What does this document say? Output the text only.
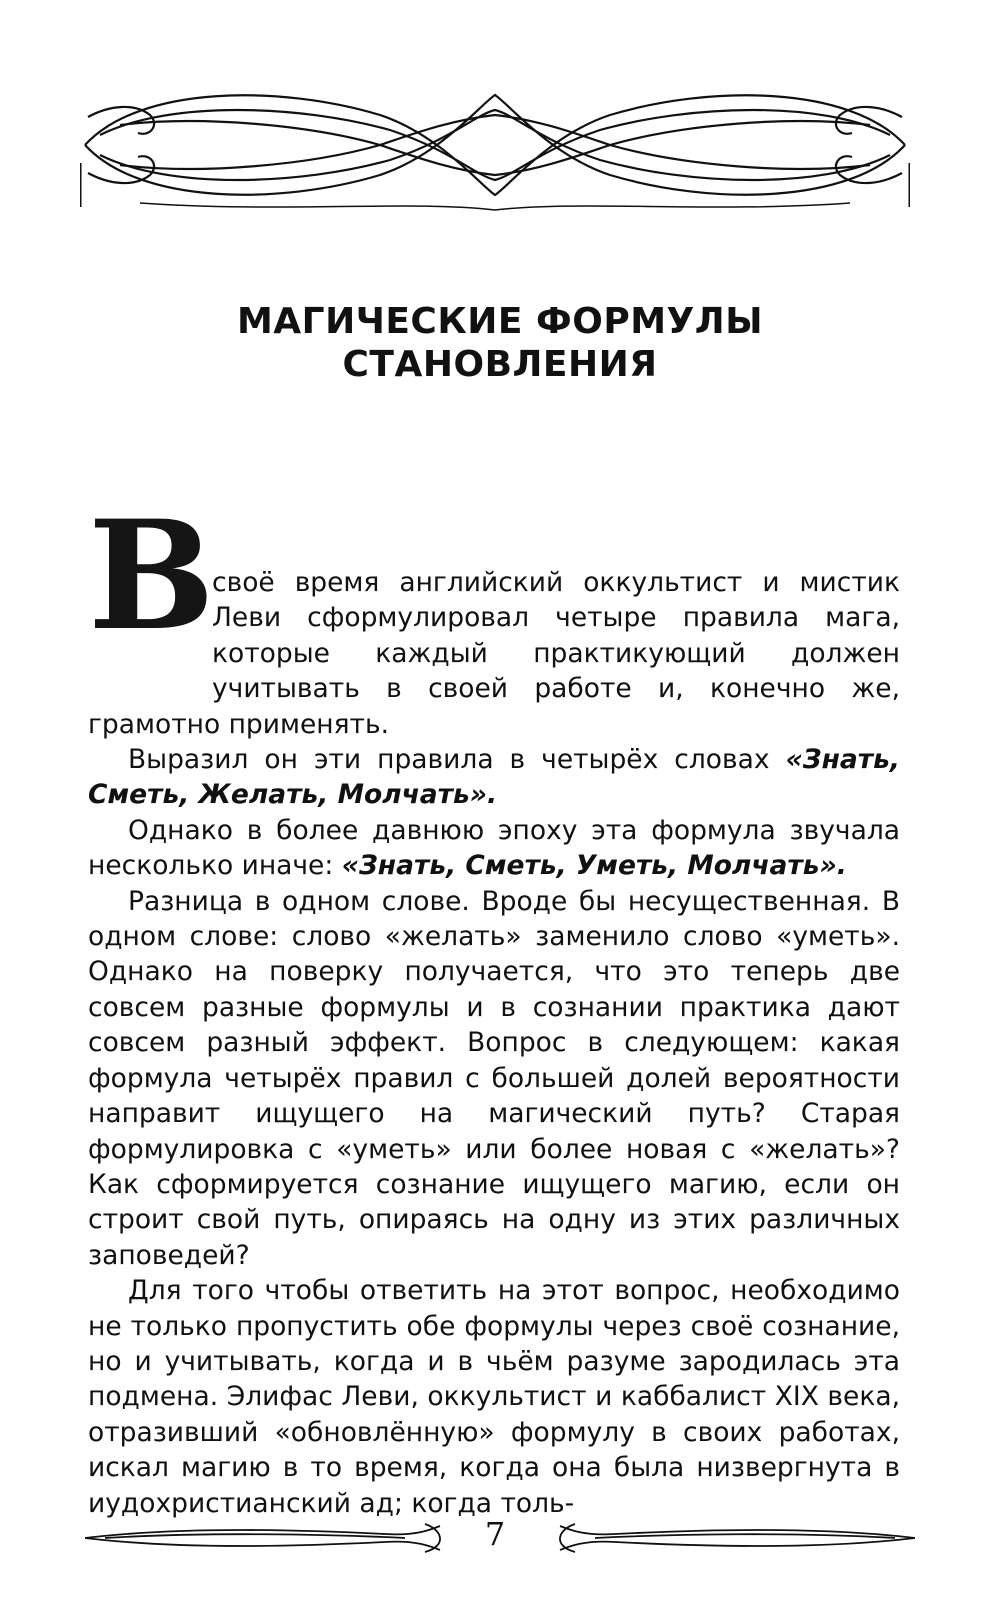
МАГИЧЕСКИЕ ФОРМУЛЫ
СТАНОВЛЕНИЯ
В

своё время английский оккультист и мистик Леви сформулировал четыре правила мага, которые каждый практикующий должен учитывать в своей работе и, конечно же, грамотно применять.

Выразил он эти правила в четырёх словах «Знать, Сметь, Желать, Молчать».

Однако в более давнюю эпоху эта формула звучала несколько иначе: «Знать, Сметь, Уметь, Молчать».

Разница в одном слове. Вроде бы несущественная. В одном слове: слово «желать» заменило слово «уметь». Однако на поверку получается, что это теперь две совсем разные формулы и в сознании практика дают совсем разный эффект. Вопрос в следующем: какая формула четырёх правил с большей долей вероятности направит ищущего на магический путь? Старая формулировка с «уметь» или более новая с «желать»? Как сформируется сознание ищущего магию, если он строит свой путь, опираясь на одну из этих различных заповедей?

Для того чтобы ответить на этот вопрос, необходимо не только пропустить обе формулы через своё сознание, но и учитывать, когда и в чьём разуме зародилась эта подмена. Элифас Леви, оккультист и каббалист XIX века, отразивший «обновлённую» формулу в своих работах, искал магию в то время, когда она была низвергнута в иудохристианский ад; когда толь-

7
